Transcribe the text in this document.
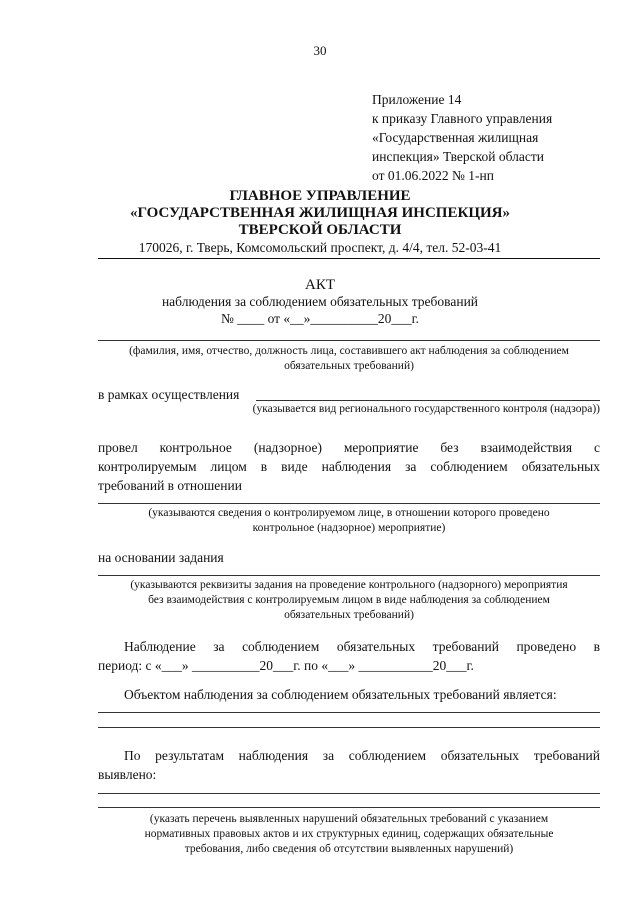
30
Приложение 14
к приказу Главного управления
«Государственная жилищная
инспекция» Тверской области
от 01.06.2022 № 1-нп
ГЛАВНОЕ УПРАВЛЕНИЕ
«ГОСУДАРСТВЕННАЯ ЖИЛИЩНАЯ ИНСПЕКЦИЯ»
ТВЕРСКОЙ ОБЛАСТИ
170026, г. Тверь, Комсомольский проспект, д. 4/4, тел. 52-03-41
АКТ
наблюдения за соблюдением обязательных требований
№ ____ от «__»__________20___г.
(фамилия, имя, отчество, должность лица, составившего акт наблюдения за соблюдением
обязательных требований)
в рамках осуществления
(указывается вид регионального государственного контроля (надзора))
провел контрольное (надзорное) мероприятие без взаимодействия с
контролируемым лицом в виде наблюдения за соблюдением обязательных
требований в отношении
(указываются сведения о контролируемом лице, в отношении которого проведено
контрольное (надзорное) мероприятие)
на основании задания
(указываются реквизиты задания на проведение контрольного (надзорного) мероприятия
без взаимодействия с контролируемым лицом в виде наблюдения за соблюдением
обязательных требований)
Наблюдение за соблюдением обязательных требований проведено в
период: с «___» __________20___г. по «___» ___________20___г.
Объектом наблюдения за соблюдением обязательных требований является:
По результатам наблюдения за соблюдением обязательных требований
выявлено:
(указать перечень выявленных нарушений обязательных требований с указанием
нормативных правовых актов и их структурных единиц, содержащих обязательные
требования, либо сведения об отсутствии выявленных нарушений)
